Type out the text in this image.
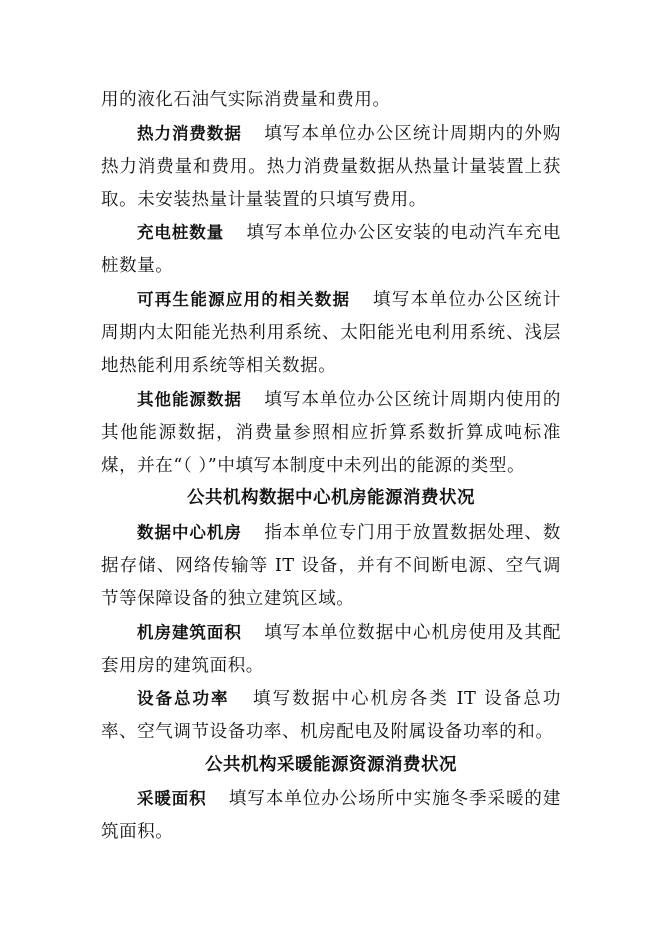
用的液化石油气实际消费量和费用。

热力消费数据 填写本单位办公区统计周期内的外购热力消费量和费用。热力消费量数据从热量计量装置上获取。未安装热量计量装置的只填写费用。

充电桩数量 填写本单位办公区安装的电动汽车充电桩数量。

可再生能源应用的相关数据 填写本单位办公区统计周期内太阳能光热利用系统、太阳能光电利用系统、浅层地热能利用系统等相关数据。

其他能源数据 填写本单位办公区统计周期内使用的其他能源数据，消费量参照相应折算系数折算成吨标准煤，并在“（ ）”中填写本制度中未列出的能源的类型。

公共机构数据中心机房能源消费状况

数据中心机房 指本单位专门用于放置数据处理、数据存储、网络传输等 IT 设备，并有不间断电源、空气调节等保障设备的独立建筑区域。

机房建筑面积 填写本单位数据中心机房使用及其配套用房的建筑面积。

设备总功率 填写数据中心机房各类 IT 设备总功率、空气调节设备功率、机房配电及附属设备功率的和。

公共机构采暖能源资源消费状况

采暖面积 填写本单位办公场所中实施冬季采暖的建筑面积。
